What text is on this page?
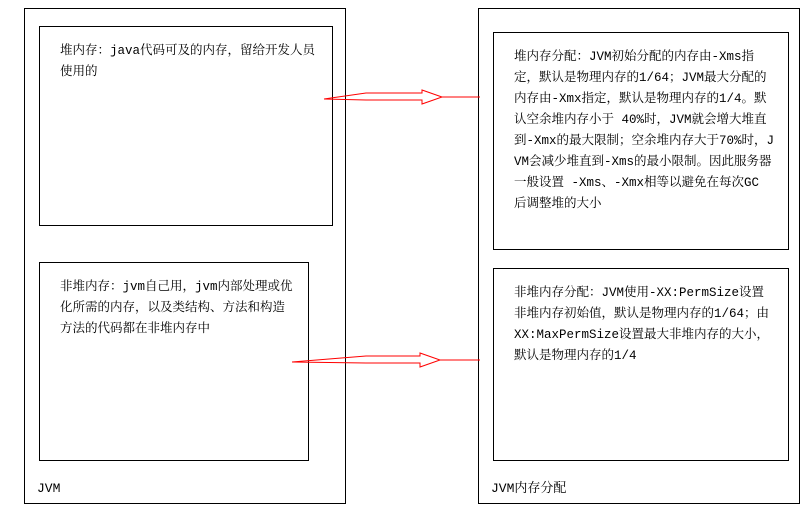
堆内存：java代码可及的内存，留给开发人员使用的
非堆内存：jvm自己用，jvm内部处理或优化所需的内存，以及类结构、方法和构造方法的代码都在非堆内存中
JVM
堆内存分配：JVM初始分配的内存由-Xms指定，默认是物理内存的1/64；JVM最大分配的内存由-Xmx指定，默认是物理内存的1/4。默认空余堆内存小于 40%时，JVM就会增大堆直到-Xmx的最大限制；空余堆内存大于70%时，JVM会减少堆直到-Xms的最小限制。因此服务器一般设置 -Xms、-Xmx相等以避免在每次GC 后调整堆的大小
非堆内存分配：JVM使用-XX:PermSize设置非堆内存初始值，默认是物理内存的1/64；由XX:MaxPermSize设置最大非堆内存的大小，默认是物理内存的1/4
JVM内存分配
